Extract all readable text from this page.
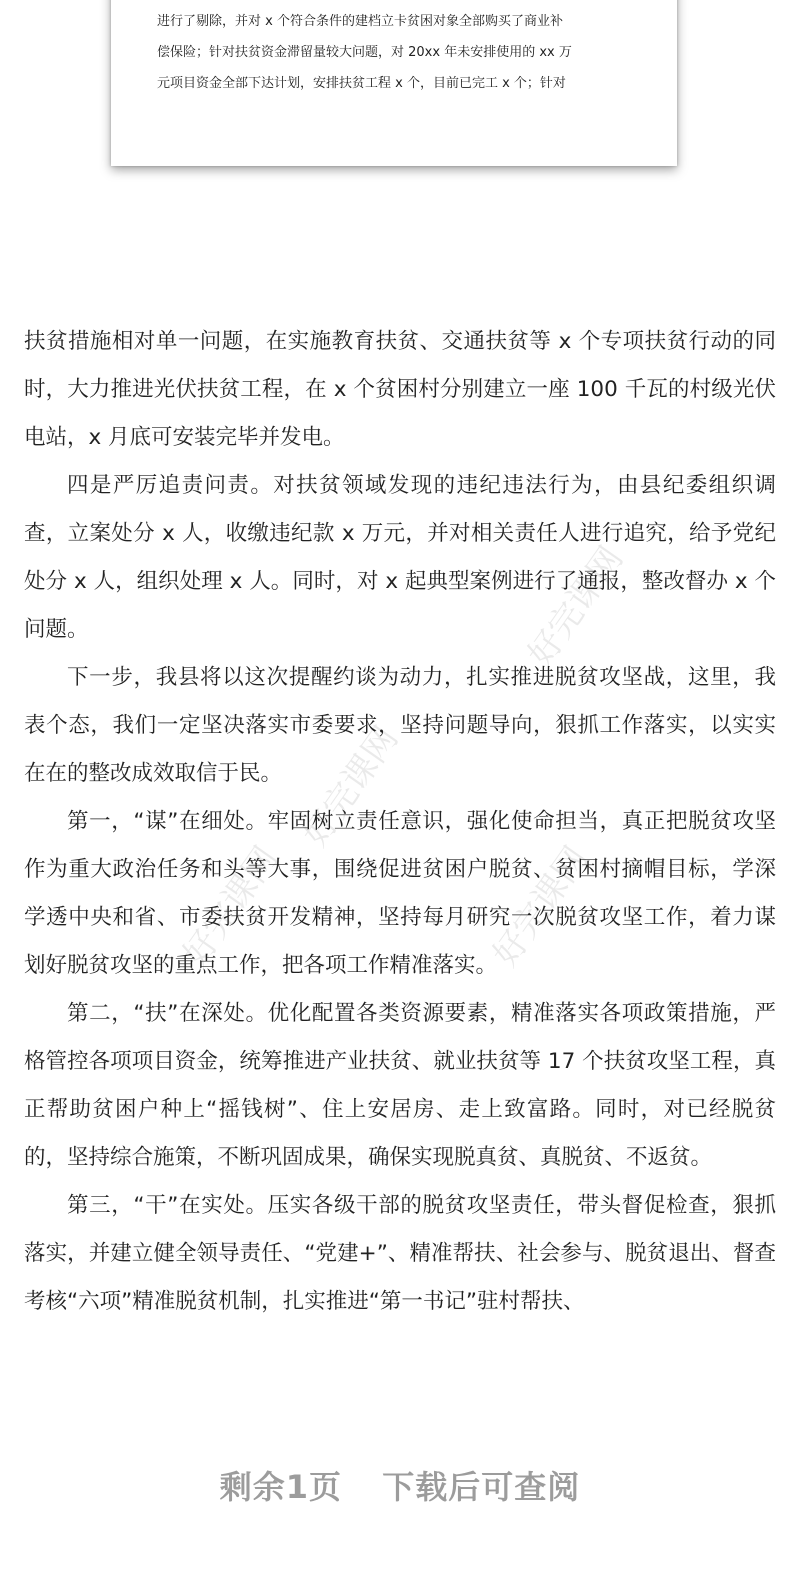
进行了剔除，并对 x 个符合条件的建档立卡贫困对象全部购买了商业补
偿保险；针对扶贫资金滞留量较大问题，对 20xx 年未安排使用的 xx 万
元项目资金全部下达计划，安排扶贫工程 x 个，目前已完工 x 个；针对
好完课网
好完课网
好完课网
好完课网

扶贫措施相对单一问题，在实施教育扶贫、交通扶贫等 x 个专项扶贫行动的同时，大力推进光伏扶贫工程，在 x 个贫困村分别建立一座 100 千瓦的村级光伏电站，x 月底可安装完毕并发电。

四是严厉追责问责。对扶贫领域发现的违纪违法行为，由县纪委组织调查，立案处分 x 人，收缴违纪款 x 万元，并对相关责任人进行追究，给予党纪处分 x 人，组织处理 x 人。同时，对 x 起典型案例进行了通报，整改督办 x 个问题。

下一步，我县将以这次提醒约谈为动力，扎实推进脱贫攻坚战，这里，我表个态，我们一定坚决落实市委要求，坚持问题导向，狠抓工作落实，以实实在在的整改成效取信于民。

第一，“谋”在细处。牢固树立责任意识，强化使命担当，真正把脱贫攻坚作为重大政治任务和头等大事，围绕促进贫困户脱贫、贫困村摘帽目标，学深学透中央和省、市委扶贫开发精神，坚持每月研究一次脱贫攻坚工作，着力谋划好脱贫攻坚的重点工作，把各项工作精准落实。

第二，“扶”在深处。优化配置各类资源要素，精准落实各项政策措施，严格管控各项项目资金，统筹推进产业扶贫、就业扶贫等 17 个扶贫攻坚工程，真正帮助贫困户种上“摇钱树”、住上安居房、走上致富路。同时，对已经脱贫的，坚持综合施策，不断巩固成果，确保实现脱真贫、真脱贫、不返贫。

第三，“干”在实处。压实各级干部的脱贫攻坚责任，带头督促检查，狠抓落实，并建立健全领导责任、“党建+”、精准帮扶、社会参与、脱贫退出、督查考核“六项”精准脱贫机制，扎实推进“第一书记”驻村帮扶、

剩余1页 下载后可查阅
